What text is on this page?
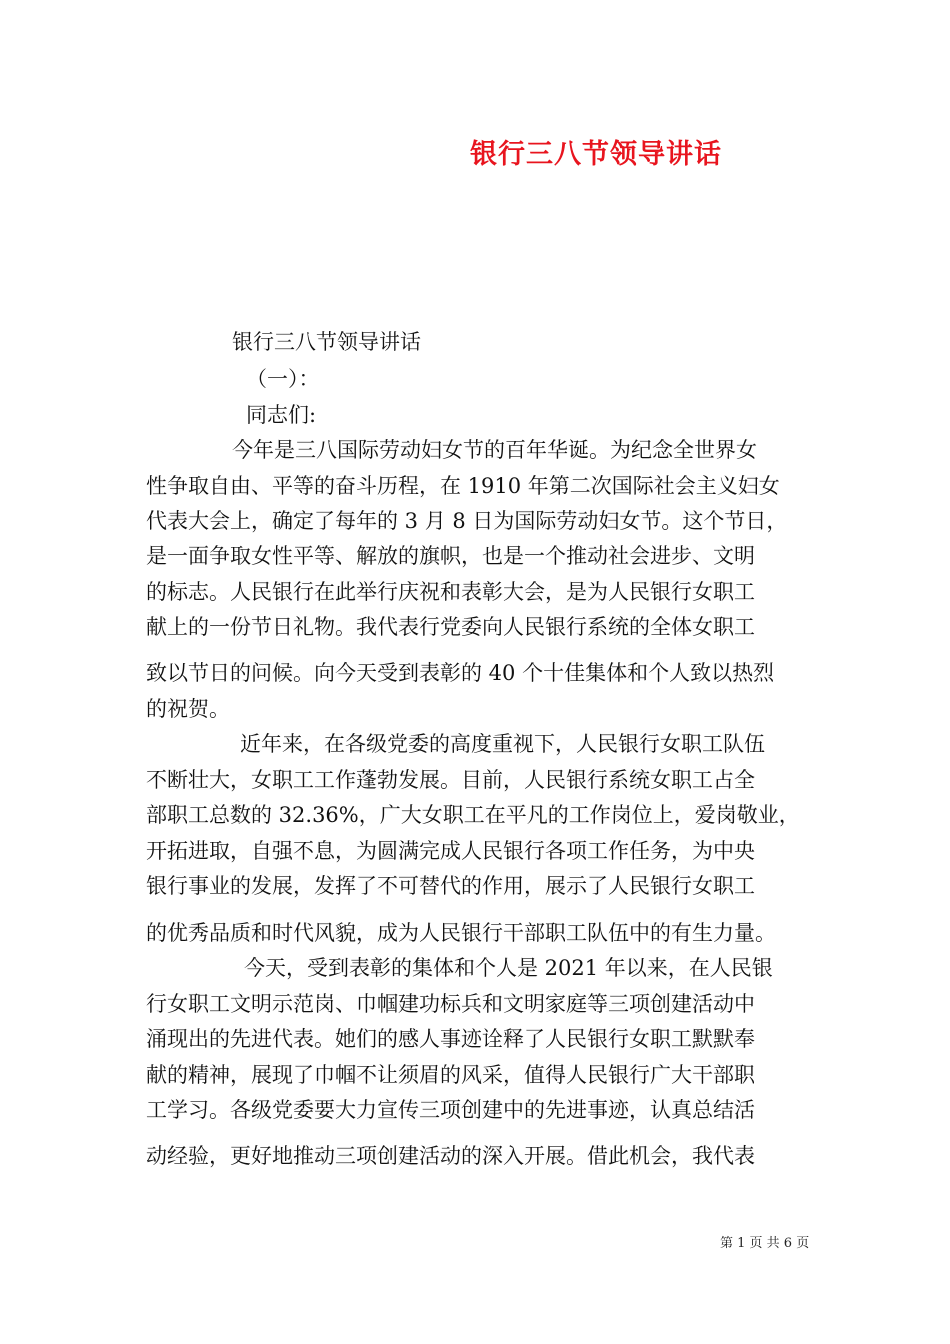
银行三八节领导讲话
银行三八节领导讲话
（一）：
同志们:
今年是三八国际劳动妇女节的百年华诞。为纪念全世界女
性争取自由、平等的奋斗历程，在 1910 年第二次国际社会主义妇女
代表大会上，确定了每年的 3 月 8 日为国际劳动妇女节。这个节日，
是一面争取女性平等、解放的旗帜，也是一个推动社会进步、文明
的标志。人民银行在此举行庆祝和表彰大会，是为人民银行女职工
献上的一份节日礼物。我代表行党委向人民银行系统的全体女职工
致以节日的问候。向今天受到表彰的 40 个十佳集体和个人致以热烈
的祝贺。
近年来，在各级党委的高度重视下，人民银行女职工队伍
不断壮大，女职工工作蓬勃发展。目前，人民银行系统女职工占全
部职工总数的 32.36%，广大女职工在平凡的工作岗位上，爱岗敬业，
开拓进取，自强不息，为圆满完成人民银行各项工作任务，为中央
银行事业的发展，发挥了不可替代的作用，展示了人民银行女职工
的优秀品质和时代风貌，成为人民银行干部职工队伍中的有生力量。
今天，受到表彰的集体和个人是 2021 年以来，在人民银
行女职工文明示范岗、巾帼建功标兵和文明家庭等三项创建活动中
涌现出的先进代表。她们的感人事迹诠释了人民银行女职工默默奉
献的精神，展现了巾帼不让须眉的风采，值得人民银行广大干部职
工学习。各级党委要大力宣传三项创建中的先进事迹，认真总结活
动经验，更好地推动三项创建活动的深入开展。借此机会，我代表
第 1 页 共 6 页
